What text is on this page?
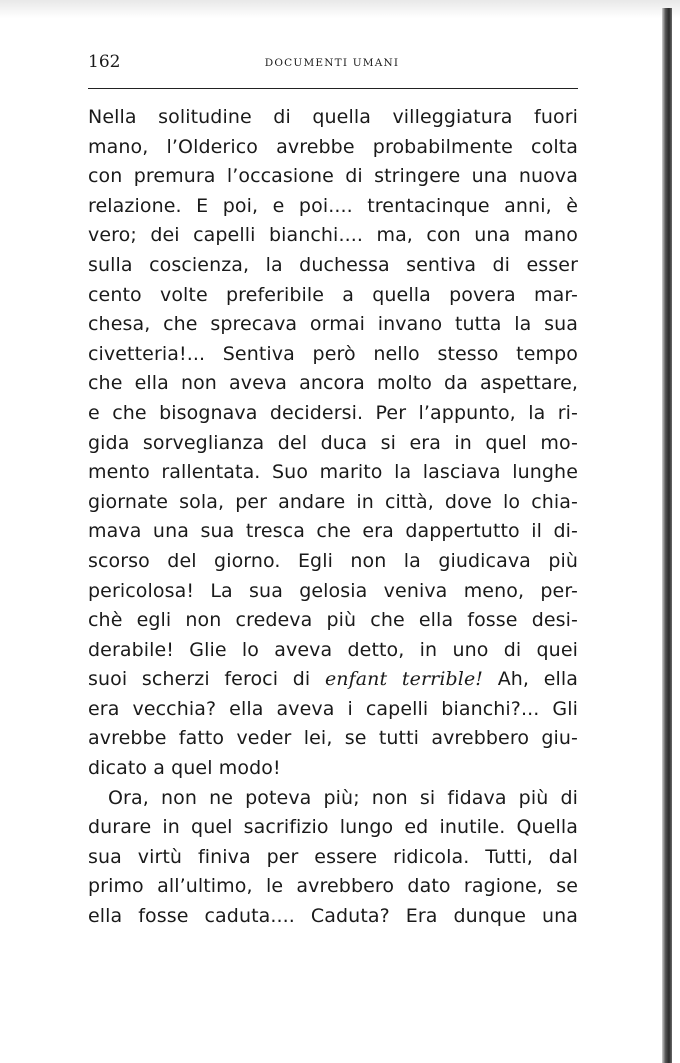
162	DOCUMENTI UMANI
Nella solitudine di quella villeggiatura fuori
mano, l’Olderico avrebbe probabilmente colta
con premura l’occasione di stringere una nuova
relazione. E poi, e poi.... trentacinque anni, è
vero; dei capelli bianchi.... ma, con una mano
sulla coscienza, la duchessa sentiva di esser
cento volte preferibile a quella povera mar-
chesa, che sprecava ormai invano tutta la sua
civetteria!... Sentiva però nello stesso tempo
che ella non aveva ancora molto da aspettare,
e che bisognava decidersi. Per l’appunto, la ri-
gida sorveglianza del duca si era in quel mo-
mento rallentata. Suo marito la lasciava lunghe
giornate sola, per andare in città, dove lo chia-
mava una sua tresca che era dappertutto il di-
scorso del giorno. Egli non la giudicava più
pericolosa! La sua gelosia veniva meno, per-
chè egli non credeva più che ella fosse desi-
derabile! Glie lo aveva detto, in uno di quei
suoi scherzi feroci di enfant terrible! Ah, ella
era vecchia? ella aveva i capelli bianchi?... Gli
avrebbe fatto veder lei, se tutti avrebbero giu-
dicato a quel modo!
Ora, non ne poteva più; non si fidava più di
durare in quel sacrifizio lungo ed inutile. Quella
sua virtù finiva per essere ridicola. Tutti, dal
primo all’ultimo, le avrebbero dato ragione, se
ella fosse caduta.... Caduta? Era dunque una
